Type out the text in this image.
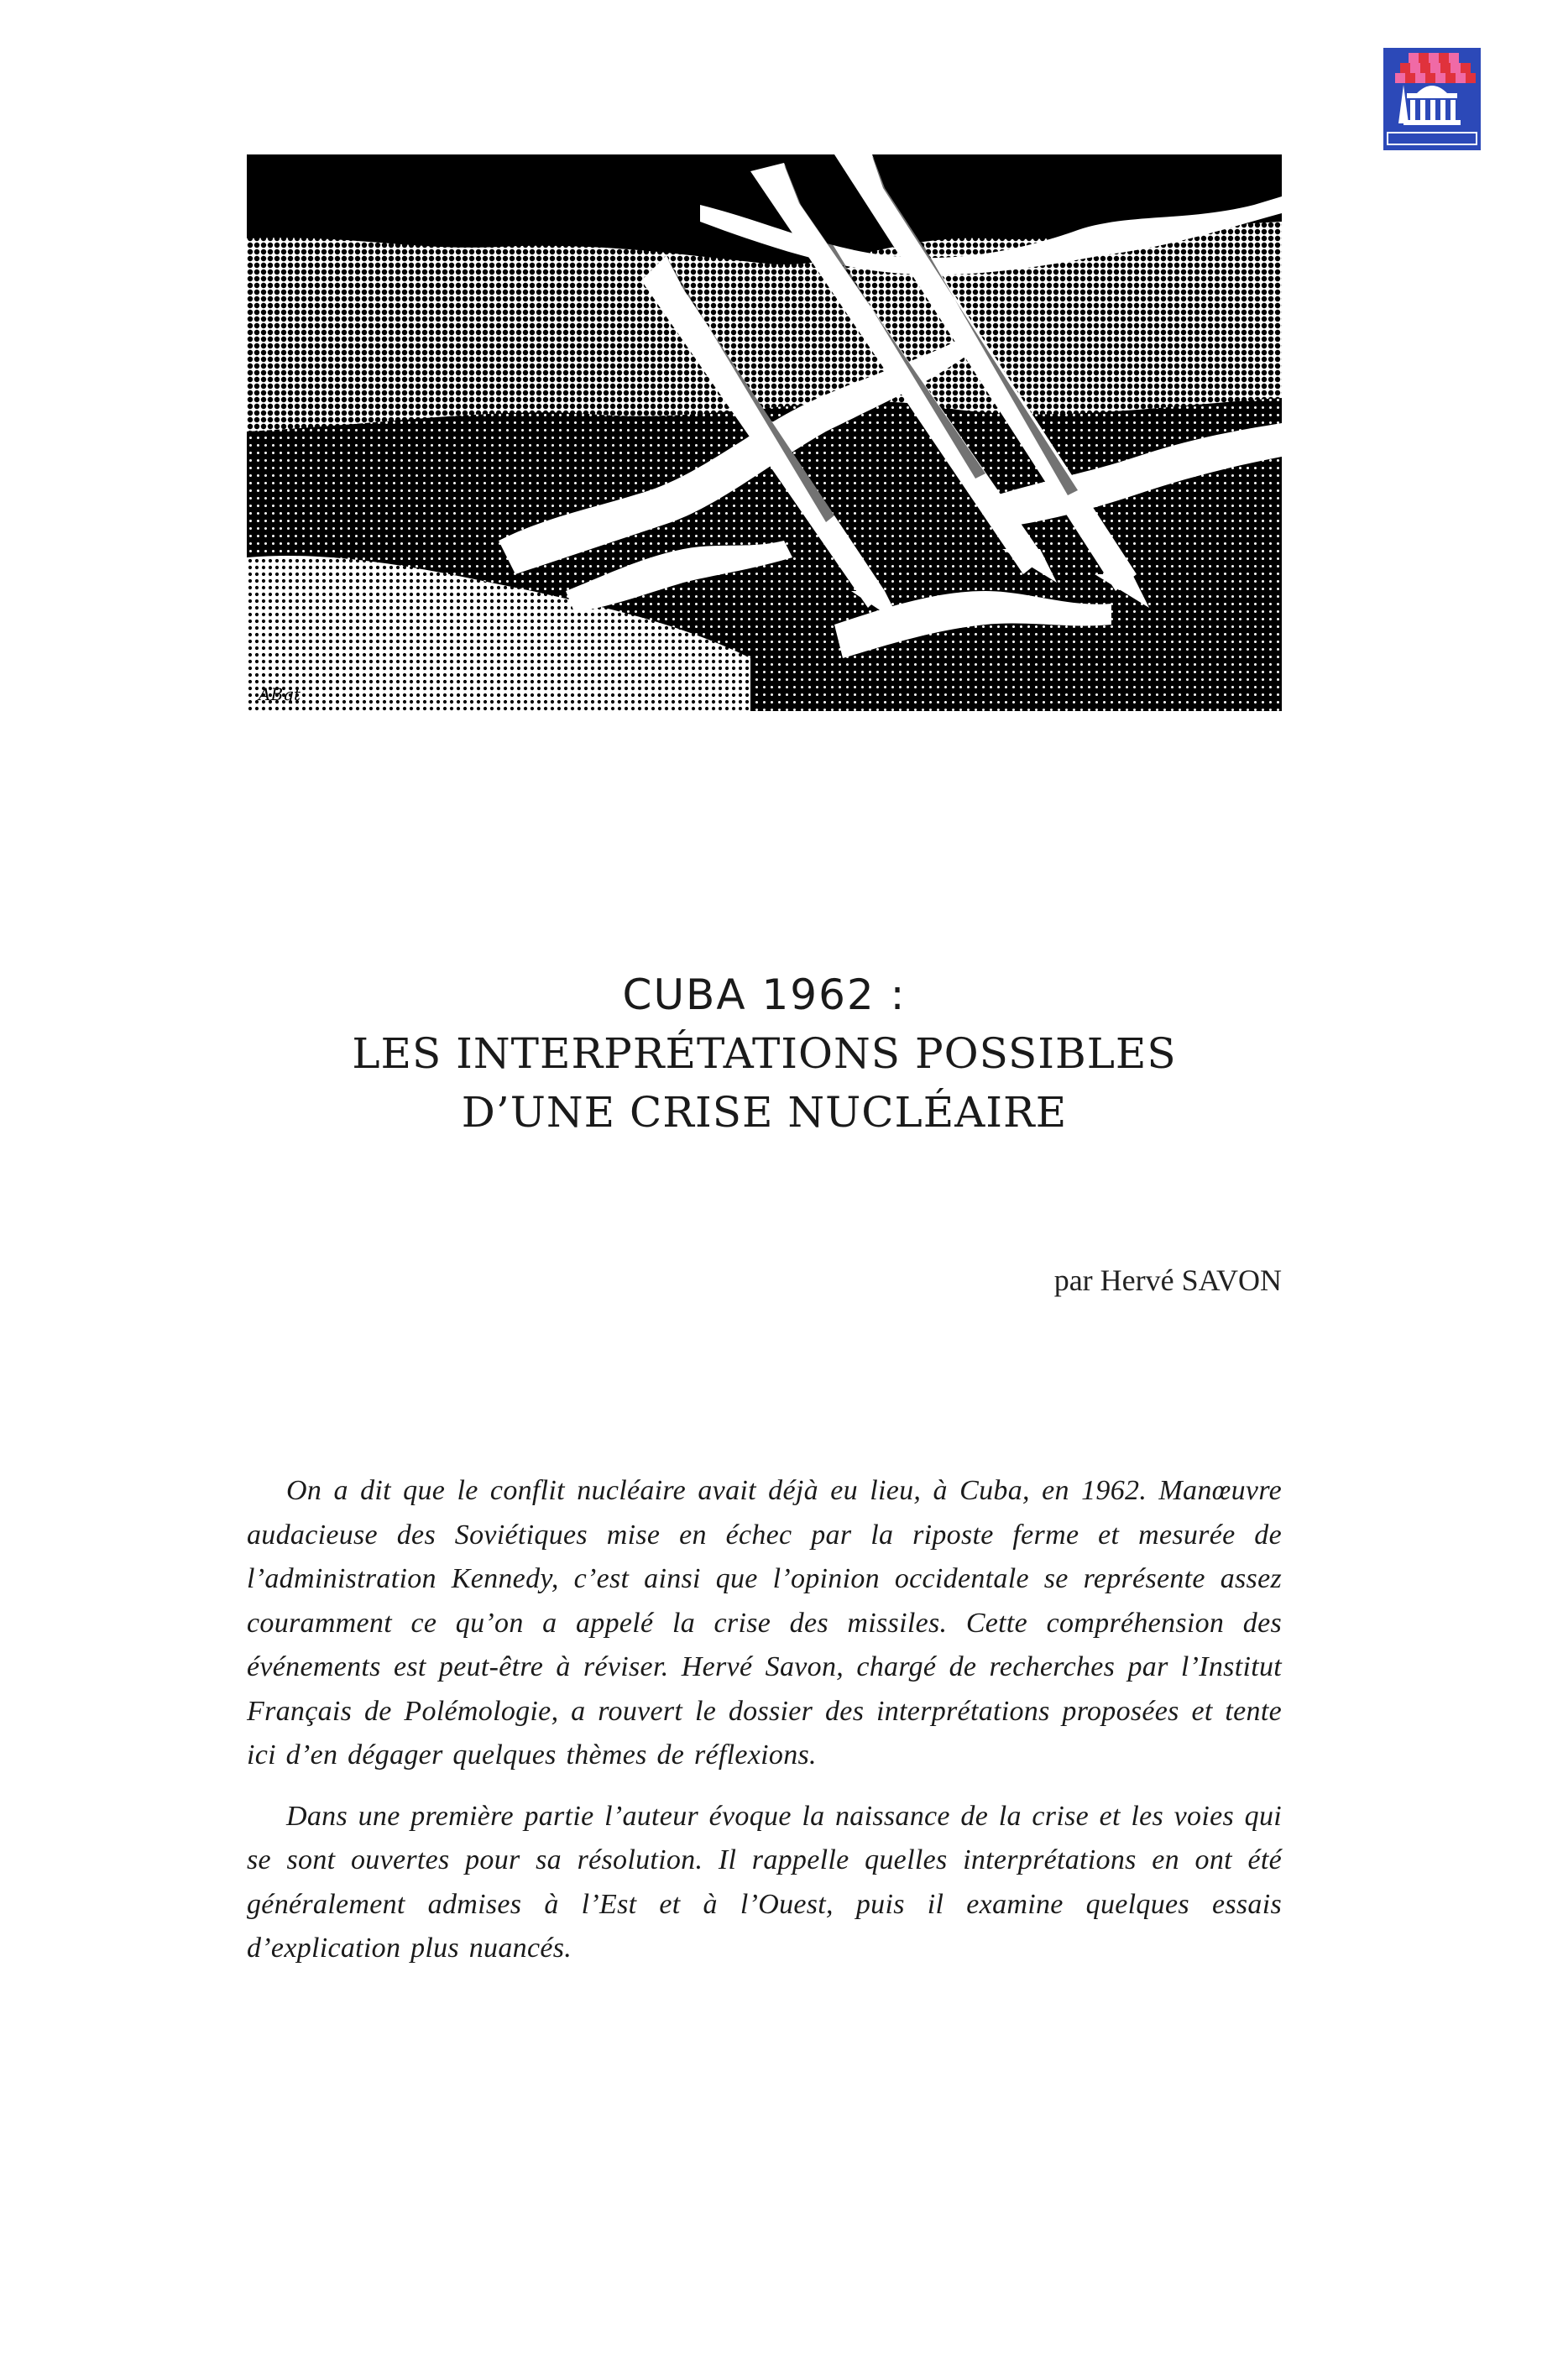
ABqt
CUBA 1962 :
LES INTERPRÉTATIONS POSSIBLES
D’UNE CRISE NUCLÉAIRE
par Hervé SAVON

On a dit que le conflit nucléaire avait déjà eu lieu, à Cuba, en 1962. Manœuvre audacieuse des Soviétiques mise en échec par la riposte ferme et mesurée de l’administration Kennedy, c’est ainsi que l’opinion occidentale se représente assez couramment ce qu’on a appelé la crise des missiles. Cette compréhension des événements est peut-être à réviser. Hervé Savon, chargé de recherches par l’Institut Français de Polémologie, a rouvert le dossier des interprétations proposées et tente ici d’en dégager quelques thèmes de réflexions.

Dans une première partie l’auteur évoque la naissance de la crise et les voies qui se sont ouvertes pour sa résolution. Il rappelle quelles interprétations en ont été généralement admises à l’Est et à l’Ouest, puis il examine quelques essais d’explication plus nuancés.
